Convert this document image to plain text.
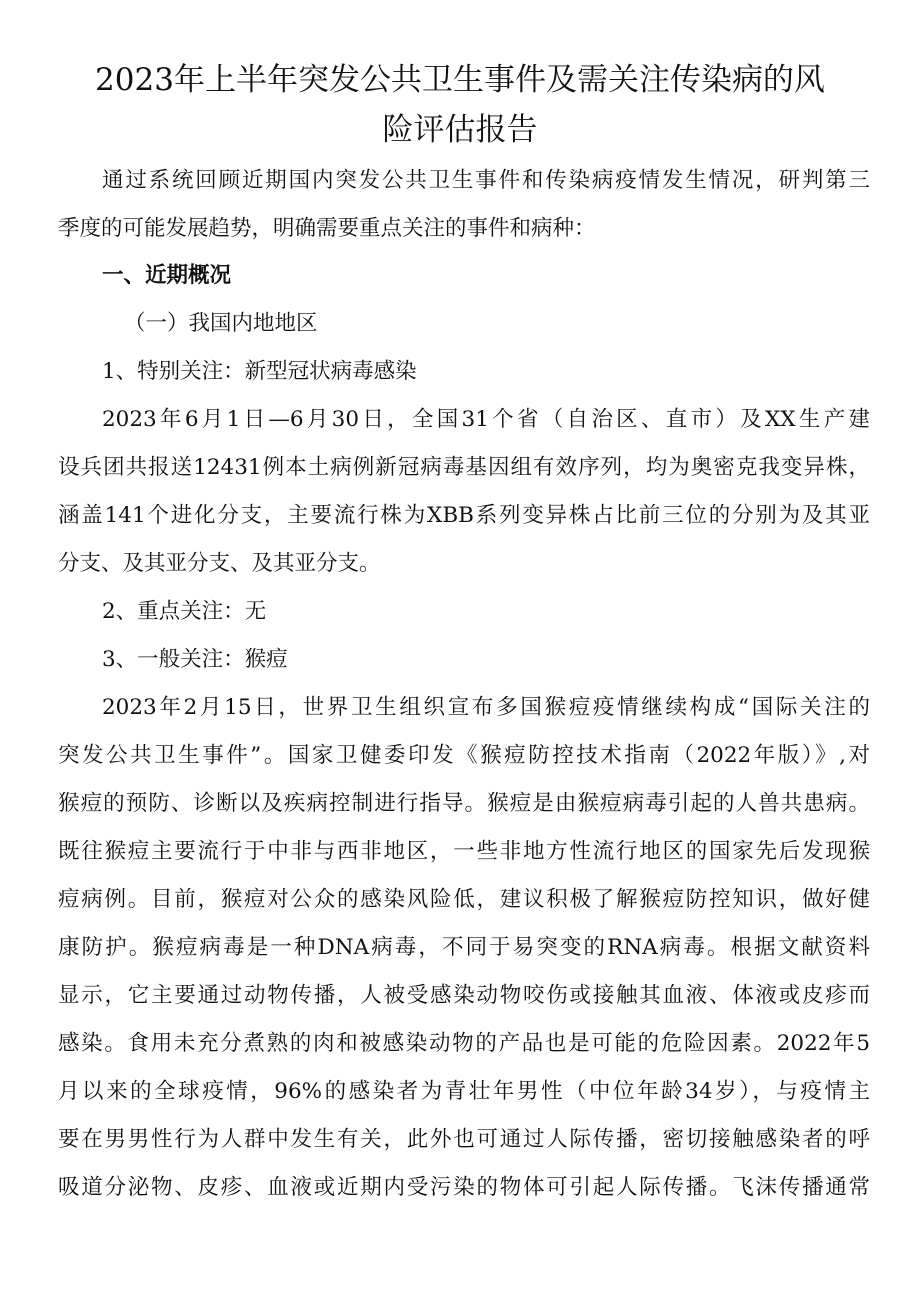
2023年上半年突发公共卫生事件及需关注传染病的风
险评估报告

通过系统回顾近期国内突发公共卫生事件和传染病疫情发生情况，研判第三

季度的可能发展趋势，明确需要重点关注的事件和病种：

一、近期概况

（一）我国内地地区

1、特别关注：新型冠状病毒感染

2023年6月1日—6月30日，全国31个省（自治区、直市）及XX生产建

设兵团共报送12431例本土病例新冠病毒基因组有效序列，均为奥密克我变异株，

涵盖141个进化分支，主要流行株为XBB系列变异株占比前三位的分别为及其亚

分支、及其亚分支、及其亚分支。

2、重点关注：无

3、一般关注：猴痘

2023年2月15日，世界卫生组织宣布多国猴痘疫情继续构成“国际关注的

突发公共卫生事件”。国家卫健委印发《猴痘防控技术指南（2022年版）》,对

猴痘的预防、诊断以及疾病控制进行指导。猴痘是由猴痘病毒引起的人兽共患病。

既往猴痘主要流行于中非与西非地区，一些非地方性流行地区的国家先后发现猴

痘病例。目前，猴痘对公众的感染风险低，建议积极了解猴痘防控知识，做好健

康防护。猴痘病毒是一种DNA病毒，不同于易突变的RNA病毒。根据文献资料

显示，它主要通过动物传播，人被受感染动物咬伤或接触其血液、体液或皮疹而

感染。食用未充分煮熟的肉和被感染动物的产品也是可能的危险因素。2022年5

月以来的全球疫情，96%的感染者为青壮年男性（中位年龄34岁），与疫情主

要在男男性行为人群中发生有关，此外也可通过人际传播，密切接触感染者的呼

吸道分泌物、皮疹、血液或近期内受污染的物体可引起人际传播。飞沫传播通常
